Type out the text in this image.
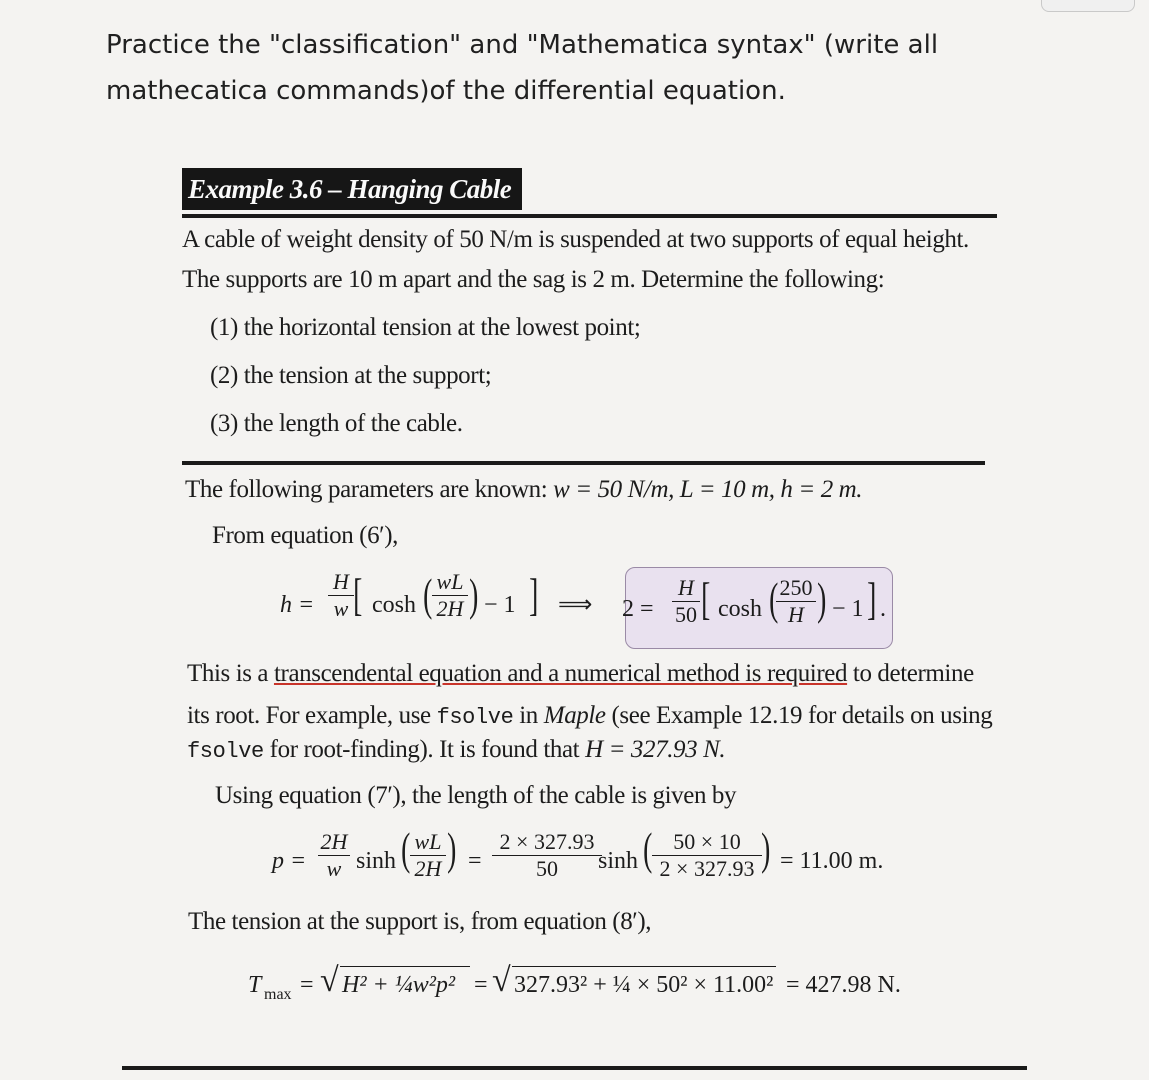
Practice the "classification" and "Mathematica syntax" (write all
mathecatica commands)of the differential equation.
Example 3.6 – Hanging Cable
A cable of weight density of 50 N/m is suspended at two supports of equal height.
The supports are 10 m apart and the sag is 2 m. Determine the following:
(1) the horizontal tension at the lowest point;
(2) the tension at the support;
(3) the length of the cable.
The following parameters are known: w = 50 N/m, L = 10 m, h = 2 m.
From equation (6′),
h =
H
w [ cosh ( wL
2H ) − 1 ] ⟹ 2 =
H
50 [ cosh ( 250
H ) − 1 ] .
This is a transcendental equation and a numerical method is required to determine
its root. For example, use fsolve in Maple (see Example 12.19 for details on using
fsolve for root-finding). It is found that H = 327.93 N.
Using equation (7′), the length of the cable is given by
p =
2H
w sinh ( wL
2H ) =
2 × 327.93
50	sinh ( 50 × 10
2 × 327.93 ) = 11.00 m.
The tension at the support is, from equation (8′),
T max = √ H² + ¼w²p² = √ 327.93² + ¼ × 50² × 11.00² = 427.98 N.
